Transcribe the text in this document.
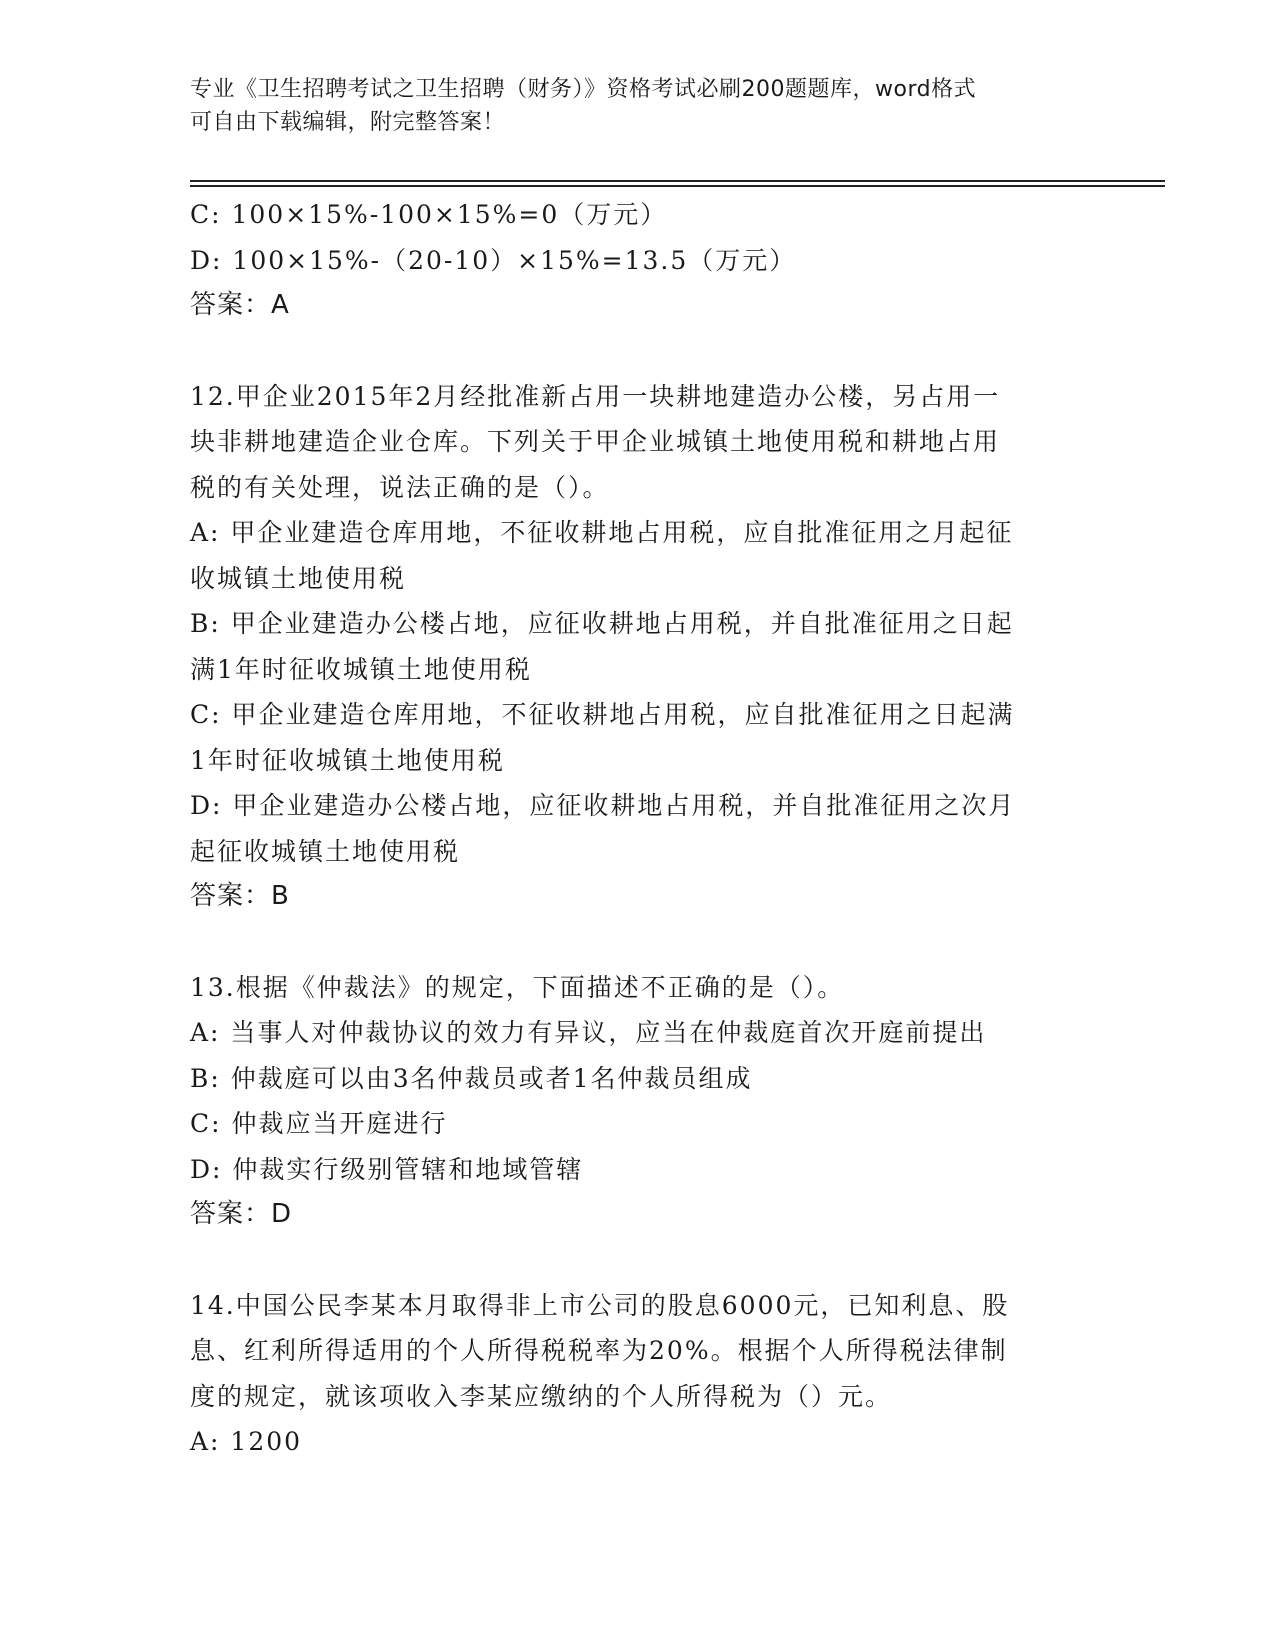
专业《卫生招聘考试之卫生招聘（财务）》资格考试必刷200题题库，word格式
可自由下载编辑，附完整答案！
C: 100×15%-100×15%=0（万元）
D: 100×15%-（20-10）×15%=13.5（万元）
答案：A
12.甲企业2015年2月经批准新占用一块耕地建造办公楼，另占用一
块非耕地建造企业仓库。下列关于甲企业城镇土地使用税和耕地占用
税的有关处理，说法正确的是（）。
A: 甲企业建造仓库用地，不征收耕地占用税，应自批准征用之月起征
收城镇土地使用税
B: 甲企业建造办公楼占地，应征收耕地占用税，并自批准征用之日起
满1年时征收城镇土地使用税
C: 甲企业建造仓库用地，不征收耕地占用税，应自批准征用之日起满
1年时征收城镇土地使用税
D: 甲企业建造办公楼占地，应征收耕地占用税，并自批准征用之次月
起征收城镇土地使用税
答案：B
13.根据《仲裁法》的规定，下面描述不正确的是（）。
A: 当事人对仲裁协议的效力有异议，应当在仲裁庭首次开庭前提出
B: 仲裁庭可以由3名仲裁员或者1名仲裁员组成
C: 仲裁应当开庭进行
D: 仲裁实行级别管辖和地域管辖
答案：D
14.中国公民李某本月取得非上市公司的股息6000元，已知利息、股
息、红利所得适用的个人所得税税率为20%。根据个人所得税法律制
度的规定，就该项收入李某应缴纳的个人所得税为（）元。
A: 1200
